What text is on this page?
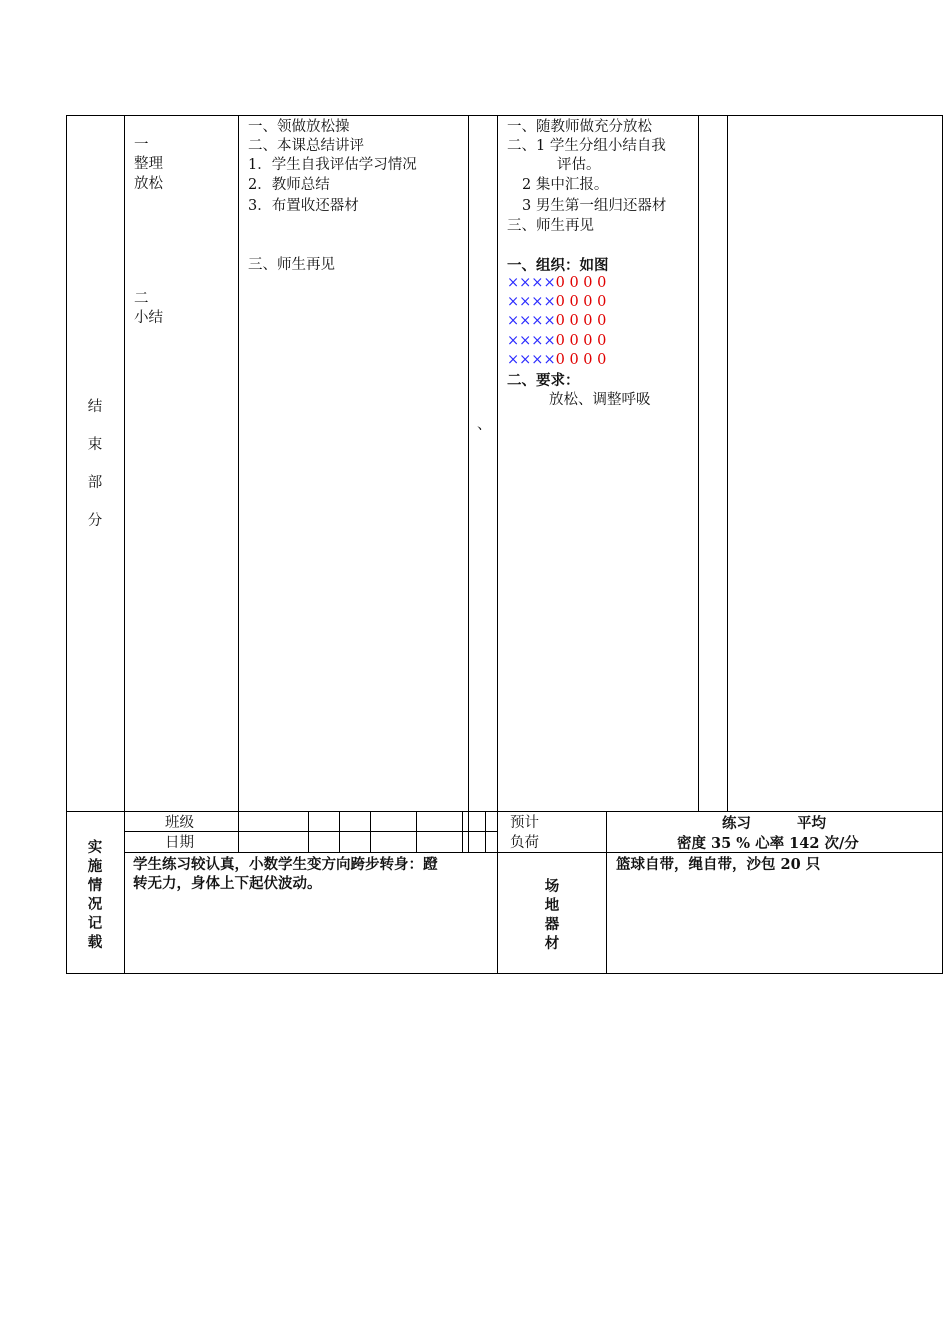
结
束
部
分
一
整理
放松
二
小结
一、领做放松操
二、本课总结讲评
1．学生自我评估学习情况
2．教师总结
3．布置收还器材
三、师生再见
、
一、随教师做充分放松
二、1 学生分组小结自我
评估。
2 集中汇报。
3 男生第一组归还器材
三、师生再见
一、组织：如图
××××0 0 0 0
××××0 0 0 0
××××0 0 0 0
××××0 0 0 0
××××0 0 0 0
二、要求：
放松、调整呼吸
实
施
情
况
记
载
班级
日期
学生练习较认真，小数学生变方向跨步转身：蹬
转无力，身体上下起伏波动。
预计
负荷
练习	平均
密度 35 % 心率 142 次/分
场
地
器
材
篮球自带，绳自带，沙包 20 只
